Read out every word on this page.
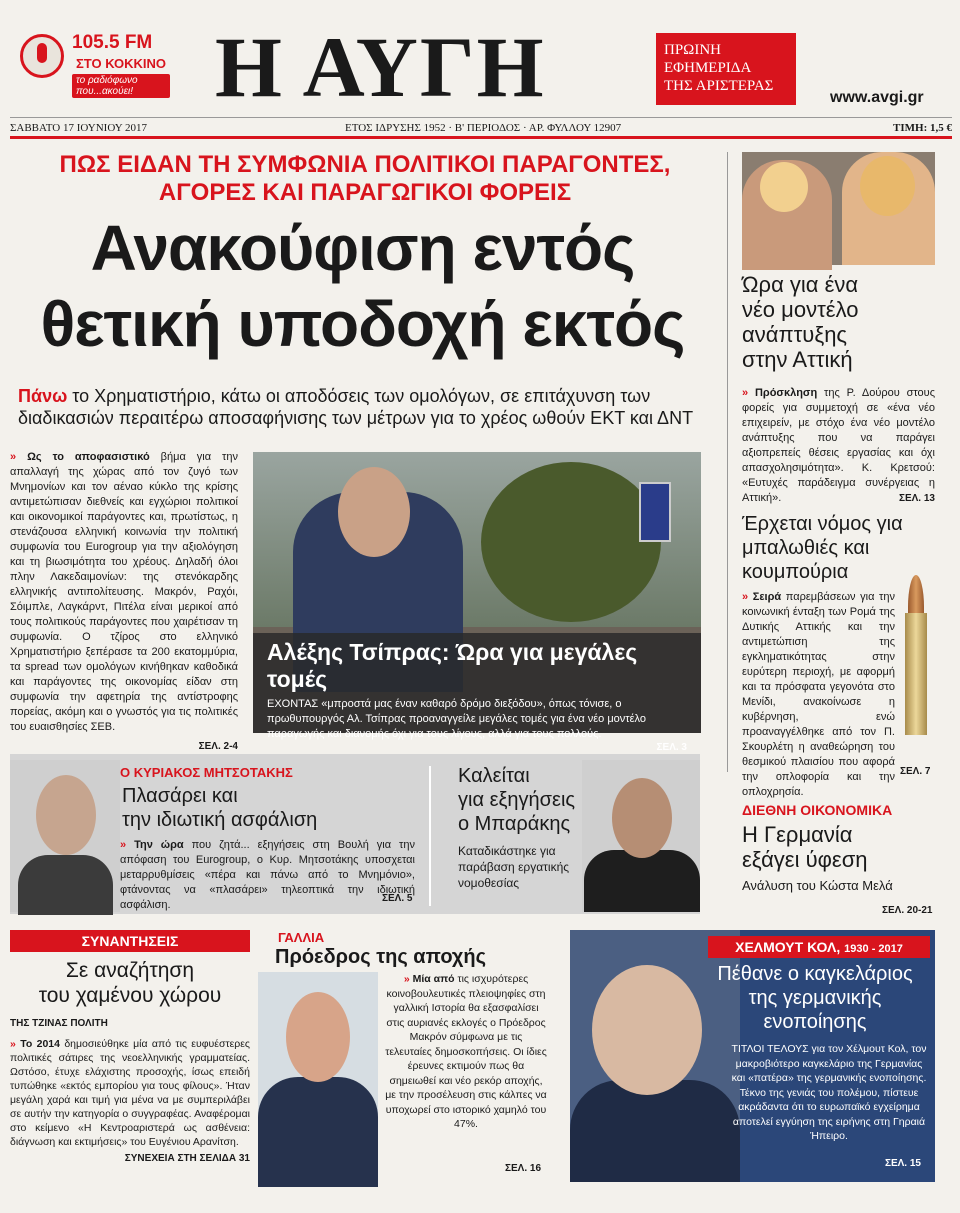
105.5 FM
ΣΤΟ ΚΟΚΚΙΝΟ
το ραδιόφωνο που...ακούει! Η ΑΥΓΗ	ΠΡΩΙΝΗ
ΕΦΗΜΕΡΙΔΑ
ΤΗΣ ΑΡΙΣΤΕΡΑΣ
www.avgi.gr
ΣΑΒΒΑΤΟ 17 ΙΟΥΝΙΟΥ 2017	ΕΤΟΣ ΙΔΡΥΣΗΣ 1952 · Β' ΠΕΡΙΟΔΟΣ · ΑΡ. ΦΥΛΛΟΥ 12907	ΤΙΜΗ: 1,5 €
ΠΩΣ ΕΙΔΑΝ ΤΗ ΣΥΜΦΩΝΙΑ ΠΟΛΙΤΙΚΟΙ ΠΑΡΑΓΟΝΤΕΣ,
ΑΓΟΡΕΣ ΚΑΙ ΠΑΡΑΓΩΓΙΚΟΙ ΦΟΡΕΙΣ
Ανακούφιση εντός
θετική υποδοχή εκτός
Πάνω το Χρηματιστήριο, κάτω οι αποδόσεις των ομολόγων, σε επιτάχυνση των διαδικασιών περαιτέρω αποσαφήνισης των μέτρων για το χρέος ωθούν ΕΚΤ και ΔΝΤ
» Ως το αποφασιστικό βήμα για την απαλλαγή της χώρας από τον ζυγό των Μνημονίων και τον αέναο κύκλο της κρίσης αντιμετώπισαν διεθνείς και εγχώριοι πολιτικοί και οικονομικοί παράγοντες και, πρωτίστως, η στενάζουσα ελληνική κοινωνία την πολιτική συμφωνία του Eurogroup για την αξιολόγηση και τη βιωσιμότητα του χρέους. Δηλαδή όλοι πλην Λακεδαιμονίων: της στενόκαρδης ελληνικής αντιπολίτευσης. Μακρόν, Ραχόι, Σόιμπλε, Λαγκάρντ, Πιτέλα είναι μερικοί από τους πολιτικούς παράγοντες που χαιρέτισαν τη συμφωνία. Ο τζίρος στο ελληνικό Χρηματιστήριο ξεπέρασε τα 200 εκατομμύρια, τα spread των ομολόγων κινήθηκαν καθοδικά και παράγοντες της οικονομίας είδαν στη συμφωνία την αφετηρία της αντίστροφης πορείας, ακόμη και ο γνωστός για τις πολιτικές του ευαισθησίες ΣΕΒ.
ΣΕΛ. 2-4
Αλέξης Τσίπρας: Ώρα για μεγάλες τομές
ΕΧΟΝΤΑΣ «μπροστά μας έναν καθαρό δρόμο διεξόδου», όπως τόνισε, ο πρωθυπουργός Αλ. Τσίπρας προαναγγείλε μεγάλες τομές για ένα νέο μοντέλο παραγωγής και διανομής όχι για τους λίγους, αλλά για τους πολλούς.
ΣΕΛ. 3
Ώρα για ένα
νέο μοντέλο
ανάπτυξης
στην Αττική
» Πρόσκληση της Ρ. Δούρου στους φορείς για συμμετοχή σε «ένα νέο επιχειρείν, με στόχο ένα νέο μοντέλο ανάπτυξης που να παράγει αξιοπρεπείς θέσεις εργασίας και όχι απασχολησιμότητα». Κ. Κρετσού: «Ευτυχές παράδειγμα συνέργειας η Αττική».	ΣΕΛ. 13
Έρχεται νόμος για
μπαλωθιές και
κουμπούρια
» Σειρά παρεμβάσεων για την κοινωνική ένταξη των Ρομά της Δυτικής Αττικής και την αντιμετώπιση της εγκληματικότητας στην ευρύτερη περιοχή, με αφορμή και τα πρόσφατα γεγονότα στο Μενίδι, ανακοίνωσε η κυβέρνηση, ενώ προαναγγέλθηκε από τον Π. Σκουρλέτη η αναθεώρηση του θεσμικού πλαισίου που αφορά την οπλοφορία και την οπλοχρησία.
ΣΕΛ. 7
ΔΙΕΘΝΗ ΟΙΚΟΝΟΜΙΚΑ
Η Γερμανία
εξάγει ύφεση
Ανάλυση του Κώστα Μελά
ΣΕΛ. 20-21
Ο ΚΥΡΙΑΚΟΣ ΜΗΤΣΟΤΑΚΗΣ
Πλασάρει και
την ιδιωτική ασφάλιση
» Την ώρα που ζητά... εξηγήσεις στη Βουλή για την απόφαση του Eurogroup, ο Κυρ. Μητσοτάκης υποσχεται μεταρρυθμίσεις «πέρα και πάνω από το Μνημόνιο», φτάνοντας να «πλασάρει» τηλεοπτικά την ιδιωτική ασφάλιση.
ΣΕΛ. 5
Καλείται
για εξηγήσεις
ο Μπαράκης
Καταδικάστηκε για
παράβαση εργατικής
νομοθεσίας
ΣΥΝΑΝΤΗΣΕΙΣ
Σε αναζήτηση
του χαμένου χώρου
ΤΗΣ ΤΖΙΝΑΣ ΠΟΛΙΤΗ
» Το 2014 δημοσιεύθηκε μία από τις ευφυέστερες πολιτικές σάτιρες της νεοελληνικής γραμματείας. Ωστόσο, έτυχε ελάχιστης προσοχής, ίσως επειδή τυπώθηκε «εκτός εμπορίου για τους φίλους». Ήταν μεγάλη χαρά και τιμή για μένα να με συμπεριλάβει σε αυτήν την κατηγορία ο συγγραφέας. Αναφέρομαι στο κείμενο «Η Κεντροαριστερά ως ασθένεια: διάγνωση και εκτιμήσεις» του Ευγένιου Αρανίτση.
ΣΥΝΕΧΕΙΑ ΣΤΗ ΣΕΛΙΔΑ 31
ΓΑΛΛΙΑ
Πρόεδρος της αποχής
» Μία από τις ισχυρότερες κοινοβουλευτικές πλειοψηφίες στη γαλλική Ιστορία θα εξασφαλίσει στις αυριανές εκλογές ο Πρόεδρος Μακρόν σύμφωνα με τις τελευταίες δημοσκοπήσεις. Οι ίδιες έρευνες εκτιμούν πως θα σημειωθεί και νέο ρεκόρ αποχής, με την προσέλευση στις κάλπες να υποχωρεί στο ιστορικό χαμηλό του 47%.
ΣΕΛ. 16
ΧΕΛΜΟΥΤ ΚΟΛ, 1930 - 2017
Πέθανε ο καγκελάριος
της γερμανικής
ενοποίησης
ΤΙΤΛΟΙ ΤΕΛΟΥΣ για τον Χέλμουτ Κολ, τον μακροβιότερο καγκελάριο της Γερμανίας και «πατέρα» της γερμανικής ενοποίησης. Τέκνο της γενιάς του πολέμου, πίστευε ακράδαντα ότι το ευρωπαϊκό εγχείρημα αποτελεί εγγύηση της ειρήνης στη Γηραιά Ήπειρο.
ΣΕΛ. 15
